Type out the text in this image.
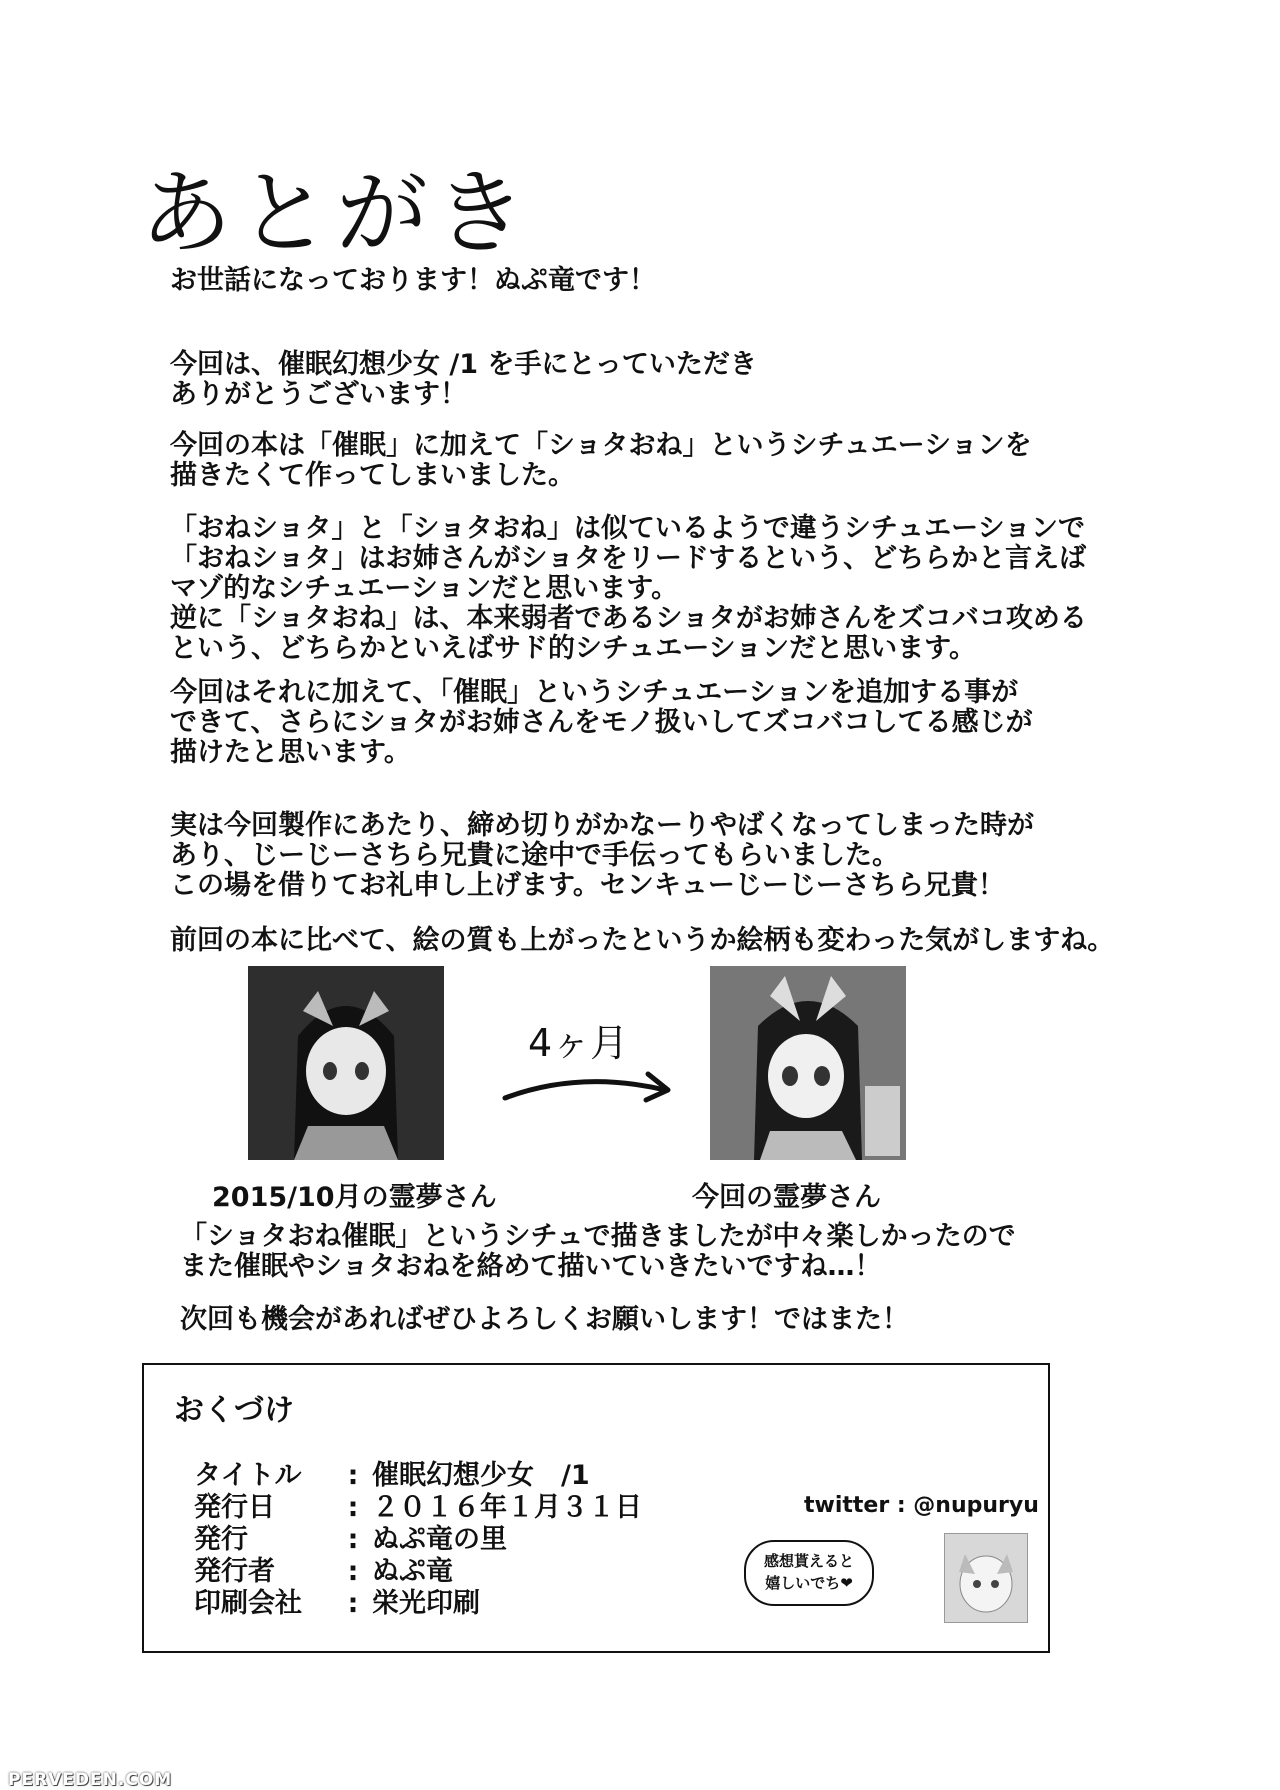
あとがき

お世話になっております！ぬぷ竜です！

今回は、催眠幻想少女 /1 を手にとっていただき
ありがとうございます！

今回の本は「催眠」に加えて「ショタおね」というシチュエーションを
描きたくて作ってしまいました。

「おねショタ」と「ショタおね」は似ているようで違うシチュエーションで
「おねショタ」はお姉さんがショタをリードするという、どちらかと言えば
マゾ的なシチュエーションだと思います。
逆に「ショタおね」は、本来弱者であるショタがお姉さんをズコバコ攻める
という、どちらかといえばサド的シチュエーションだと思います。

今回はそれに加えて、「催眠」というシチュエーションを追加する事が
できて、さらにショタがお姉さんをモノ扱いしてズコバコしてる感じが
描けたと思います。

実は今回製作にあたり、締め切りがかなーりやばくなってしまった時が
あり、じーじーさちら兄貴に途中で手伝ってもらいました。
この場を借りてお礼申し上げます。センキューじーじーさちら兄貴！

前回の本に比べて、絵の質も上がったというか絵柄も変わった気がしますね。

4ヶ月
2015/10月の霊夢さん	今回の霊夢さん

「ショタおね催眠」というシチュで描きましたが中々楽しかったので
また催眠やショタおねを絡めて描いていきたいですね…！

次回も機会があればぜひよろしくお願いします！ではまた！

おくづけ
タイトル	: 催眠幻想少女　/1
発行日	: ２０１６年１月３１日
発行	: ぬぷ竜の里
発行者	: ぬぷ竜
印刷会社	: 栄光印刷
twitter : @nupuryu
感想貰えると
嬉しいでち❤
PERVEDEN.COM
